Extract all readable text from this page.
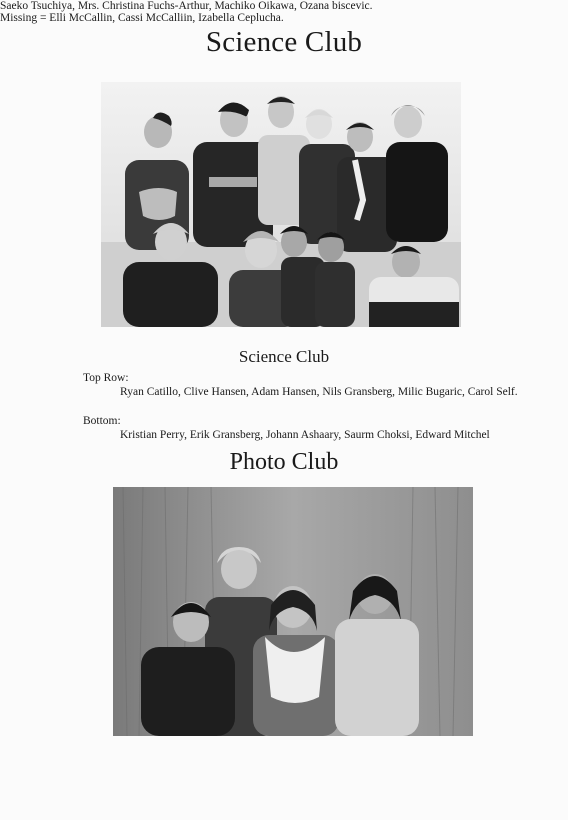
Science Club
Science Club
Top Row:
Ryan Catillo, Clive Hansen, Adam Hansen, Nils Gransberg, Milic Bugaric, Carol Self.
Bottom:
Kristian Perry, Erik Gransberg, Johann Ashaary, Saurm Choksi, Edward Mitchel
Photo Club
Saeko Tsuchiya, Mrs. Christina Fuchs-Arthur, Machiko Oikawa, Ozana biscevic.
Missing = Elli McCallin, Cassi McCalliin, Izabella Ceplucha.
